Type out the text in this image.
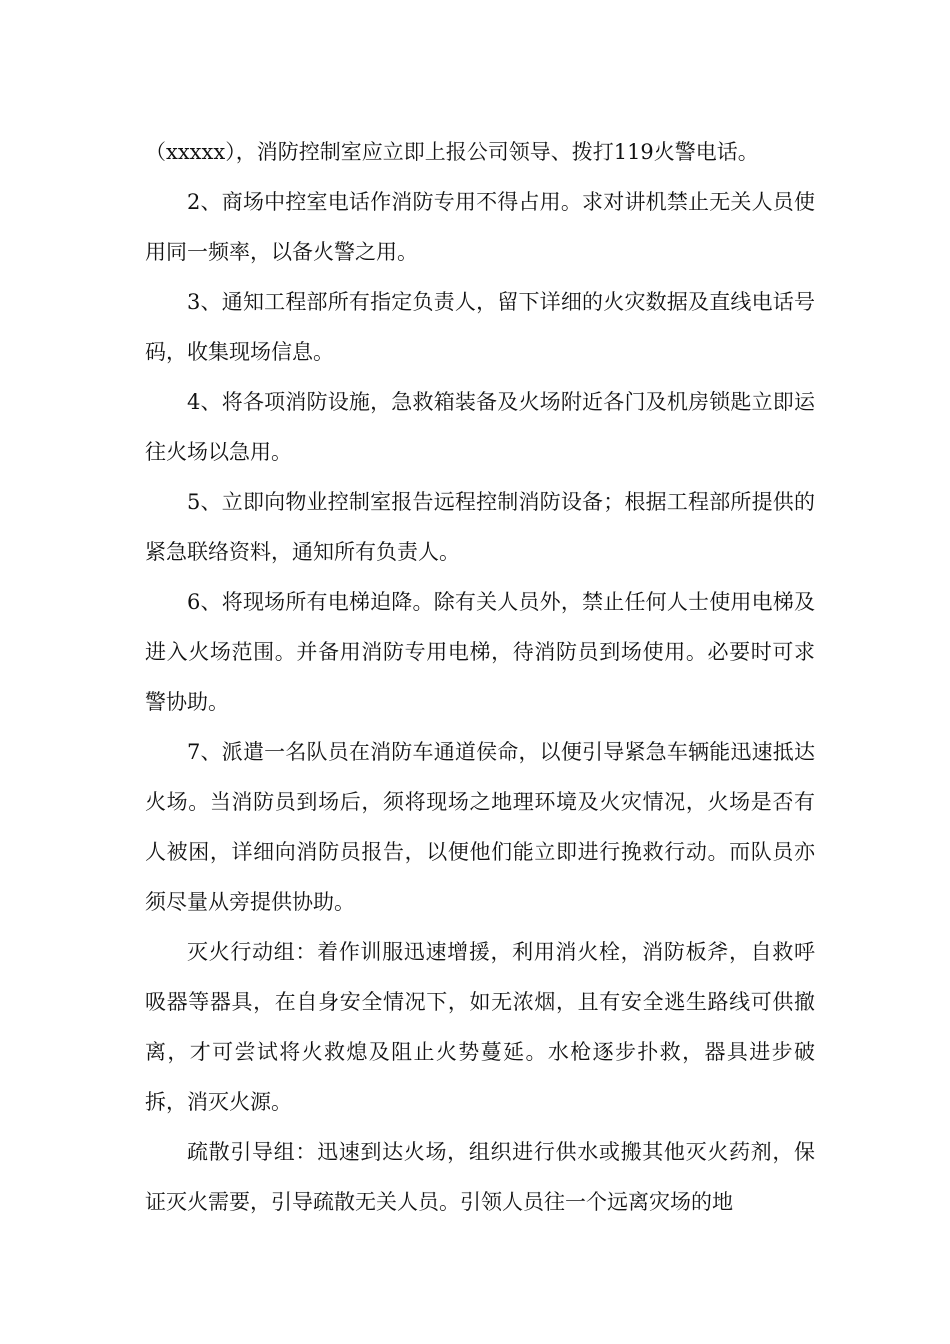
（xxxxx），消防控制室应立即上报公司领导、拨打119火警电话。

2、商场中控室电话作消防专用不得占用。求对讲机禁止无关人员使用同一频率，以备火警之用。

3、通知工程部所有指定负责人，留下详细的火灾数据及直线电话号码，收集现场信息。

4、将各项消防设施，急救箱装备及火场附近各门及机房锁匙立即运往火场以急用。

5、立即向物业控制室报告远程控制消防设备；根据工程部所提供的紧急联络资料，通知所有负责人。

6、将现场所有电梯迫降。除有关人员外，禁止任何人士使用电梯及进入火场范围。并备用消防专用电梯，待消防员到场使用。必要时可求警协助。

7、派遣一名队员在消防车通道侯命，以便引导紧急车辆能迅速抵达火场。当消防员到场后，须将现场之地理环境及火灾情况，火场是否有人被困，详细向消防员报告，以便他们能立即进行挽救行动。而队员亦须尽量从旁提供协助。

灭火行动组：着作训服迅速增援，利用消火栓，消防板斧，自救呼吸器等器具，在自身安全情况下，如无浓烟，且有安全逃生路线可供撤离，才可尝试将火救熄及阻止火势蔓延。水枪逐步扑救，器具进步破拆，消灭火源。

疏散引导组：迅速到达火场，组织进行供水或搬其他灭火药剂，保证灭火需要，引导疏散无关人员。引领人员往一个远离灾场的地
